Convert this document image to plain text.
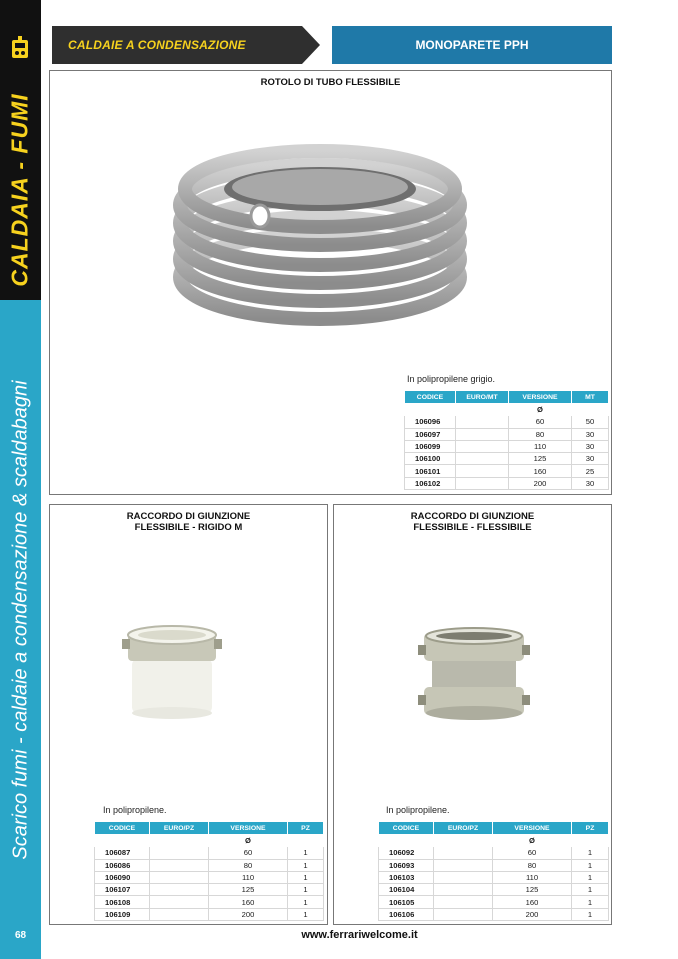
CALDAIA - FUMI
Scarico fumi - caldaie a condensazione & scaldabagni
68
CALDAIE A CONDENSAZIONE	MONOPARETE PPH
ROTOLO DI TUBO FLESSIBILE
In polipropilene grigio.
CODICE	EURO/MT	VERSIONE	MT
		Ø	
106096		60	50
106097		80	30
106099		110	30
106100		125	30
106101		160	25
106102		200	30
RACCORDO DI GIUNZIONE
FLESSIBILE - RIGIDO M
In polipropilene.
CODICE	EURO/PZ	VERSIONE	PZ
		Ø	
106087		60	1
106086		80	1
106090		110	1
106107		125	1
106108		160	1
106109		200	1
RACCORDO DI GIUNZIONE
FLESSIBILE - FLESSIBILE
In polipropilene.
CODICE	EURO/PZ	VERSIONE	PZ
		Ø	
106092		60	1
106093		80	1
106103		110	1
106104		125	1
106105		160	1
106106		200	1
www.ferrariwelcome.it
